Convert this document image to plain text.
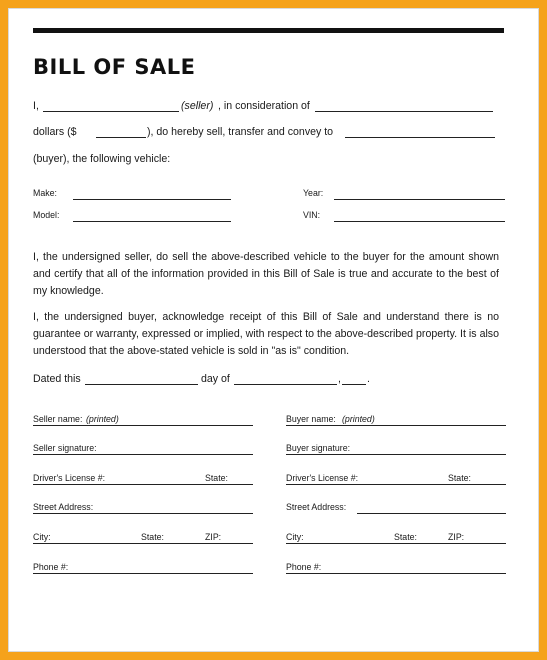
BILL OF SALE
I,	(seller) , in consideration of
dollars ($	), do hereby sell, transfer and convey to
(buyer), the following vehicle:
Make:	Year:
Model:	VIN:
I, the undersigned seller, do sell the above-described vehicle to the buyer for the amount shown and certify that all of the information provided in this Bill of Sale is true and accurate to the best of my knowledge.
I, the undersigned buyer, acknowledge receipt of this Bill of Sale and understand there is no guarantee or warranty, expressed or implied, with respect to the above-described property. It is also understood that the above-stated vehicle is sold in "as is" condition.
Dated this	day of	, .
Seller name: (printed)
Seller signature:
Driver's License #:	State:
Street Address:
City:	State:	ZIP:
Phone #:
Buyer name: (printed)
Buyer signature:
Driver's License #:	State:
Street Address:
City:	State:	ZIP:
Phone #:
